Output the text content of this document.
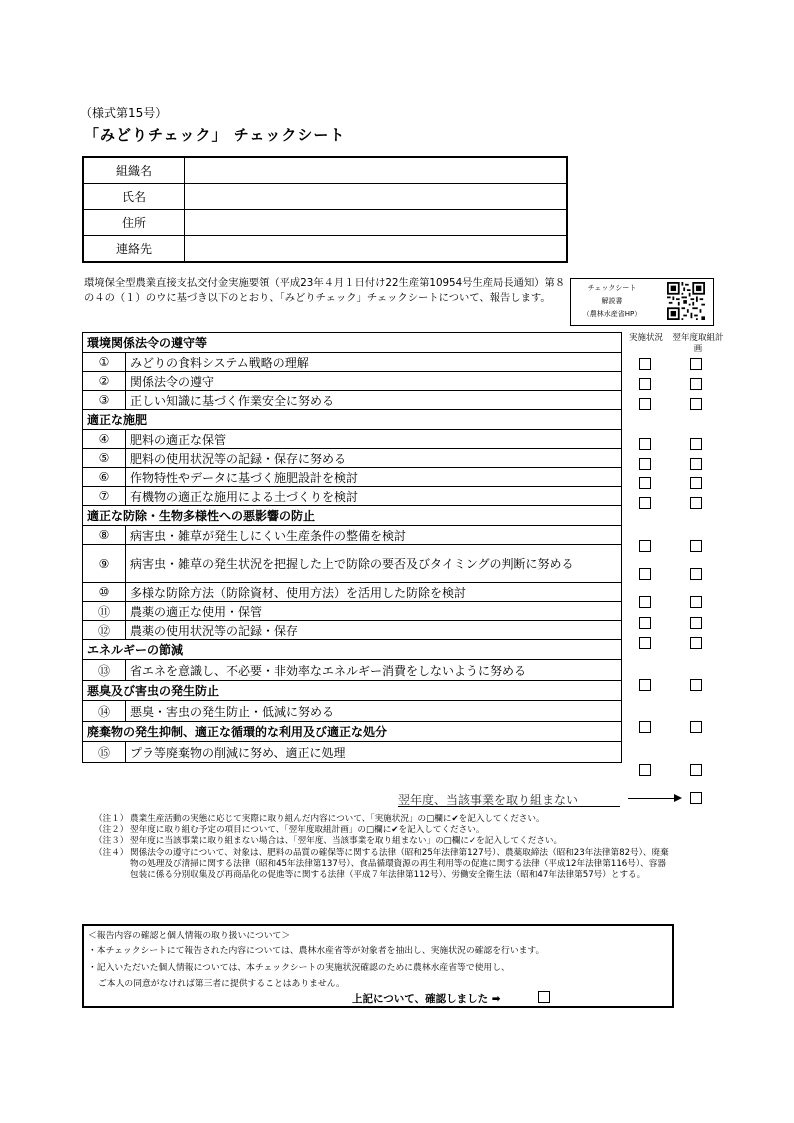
（様式第15号）
「みどりチェック」 チェックシート
組織名	
氏名	
住所	
連絡先	
環境保全型農業直接支払交付金実施要領（平成23年４月１日付け22生産第10954号生産局長通知）第８の４の（１）のウに基づき以下のとおり、「みどりチェック」チェックシートについて、報告します。
チェックシート
解説書
（農林水産省HP）
実施状況 翌年度取組計画
環境関係法令の遵守等	
①	みどりの食料システム戦略の理解
②	関係法令の遵守
③	正しい知識に基づく作業安全に努める
適正な施肥	
④	肥料の適正な保管
⑤	肥料の使用状況等の記録・保存に努める
⑥	作物特性やデータに基づく施肥設計を検討
⑦	有機物の適正な施用による土づくりを検討
適正な防除・生物多様性への悪影響の防止	
⑧	病害虫・雑草が発生しにくい生産条件の整備を検討
⑨	病害虫・雑草の発生状況を把握した上で防除の要否及びタイミングの判断に努める
⑩	多様な防除方法（防除資材、使用方法）を活用した防除を検討
⑪	農薬の適正な使用・保管
⑫	農薬の使用状況等の記録・保存
エネルギーの節減	
⑬	省エネを意識し、不必要・非効率なエネルギー消費をしないように努める
悪臭及び害虫の発生防止	
⑭	悪臭・害虫の発生防止・低減に努める
廃棄物の発生抑制、適正な循環的な利用及び適正な処分	
⑮	プラ等廃棄物の削減に努め、適正に処理
翌年度、当該事業を取り組まない
（注１） 農業生産活動の実態に応じて実際に取り組んだ内容について、「実施状況」の□欄に✔を記入してください。
（注２） 翌年度に取り組む予定の項目について、「翌年度取組計画」の□欄に✔を記入してください。
（注３） 翌年度に当該事業に取り組まない場合は、「翌年度、当該事業を取り組まない」の□欄に✓を記入してください。
（注４） 関係法令の遵守について、対象は、肥料の品質の確保等に関する法律（昭和25年法律第127号）、農薬取締法（昭和23年法律第82号）、廃棄物の処理及び清掃に関する法律（昭和45年法律第137号）、食品循環資源の再生利用等の促進に関する法律（平成12年法律第116号）、容器包装に係る分別収集及び再商品化の促進等に関する法律（平成７年法律第112号）、労働安全衛生法（昭和47年法律第57号）とする。
＜報告内容の確認と個人情報の取り扱いについて＞
・本チェックシートにて報告された内容については、農林水産省等が対象者を抽出し、実施状況の確認を行います。
・記入いただいた個人情報については、本チェックシートの実施状況確認のために農林水産省等で使用し、
ご本人の同意がなければ第三者に提供することはありません。
上記について、確認しました ➡
